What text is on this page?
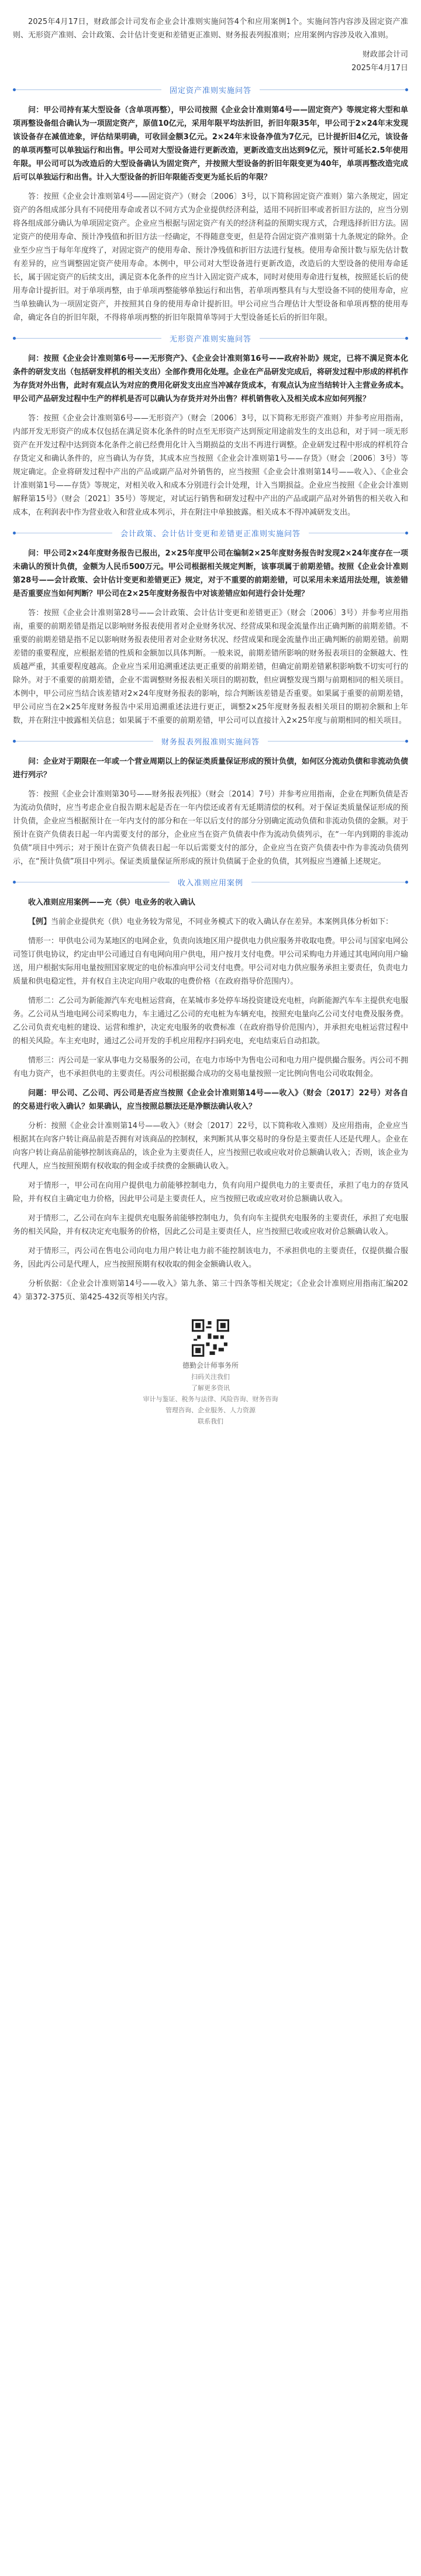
2025年4月17日，财政部会计司发布企业会计准则实施问答4个和应用案例1个。实施问答内容涉及固定资产准则、无形资产准则、会计政策、会计估计变更和差错更正准则、财务报表列报准则；应用案例内容涉及收入准则。

财政部会计司

2025年4月17日

固定资产准则实施问答

问：甲公司持有某大型设备（含单项再整），甲公司按照《企业会计准则第4号——固定资产》等规定将大型和单项再整设备组合确认为一项固定资产，原值10亿元，采用年限平均法折旧，折旧年限35年，甲公司于2×24年末发现该设备存在减值迹象，评估结果明确，可收回金额3亿元。2×24年末设备净值为7亿元，已计提折旧4亿元，该设备的单项再整可以单独运行和出售。甲公司对大型设备进行更新改造，更新改造支出达到9亿元，预计可延长2.5年使用年限。甲公司可以为改造后的大型设备确认为固定资产，并按照大型设备的折旧年限变更为40年，单项再整改造完成后可以单独运行和出售。计入大型设备的折旧年限能否变更为延长后的年限？

答：按照《企业会计准则第4号——固定资产》（财会〔2006〕3号，以下简称固定资产准则）第六条规定，固定资产的各组成部分具有不同使用寿命或者以不同方式为企业提供经济利益，适用不同折旧率或者折旧方法的，应当分别将各组成部分确认为单项固定资产。企业应当根据与固定资产有关的经济利益的预期实现方式，合理选择折旧方法。固定资产的使用寿命、预计净残值和折旧方法一经确定，不得随意变更，但是符合固定资产准则第十九条规定的除外。企业至少应当于每年年度终了，对固定资产的使用寿命、预计净残值和折旧方法进行复核。使用寿命预计数与原先估计数有差异的，应当调整固定资产使用寿命。本例中，甲公司对大型设备进行更新改造，改造后的大型设备的使用寿命延长，属于固定资产的后续支出，满足资本化条件的应当计入固定资产成本，同时对使用寿命进行复核，按照延长后的使用寿命计提折旧。对于单项再整，由于单项再整能够单独运行和出售，若单项再整具有与大型设备不同的使用寿命，应当单独确认为一项固定资产，并按照其自身的使用寿命计提折旧。甲公司应当合理估计大型设备和单项再整的使用寿命，确定各自的折旧年限，不得将单项再整的折旧年限简单等同于大型设备延长后的折旧年限。

无形资产准则实施问答

问：按照《企业会计准则第6号——无形资产》、《企业会计准则第16号——政府补助》规定，已将不满足资本化条件的研发支出（包括研发样机的相关支出）全部作费用化处理。企业在产品研发完成后，将研发过程中形成的样机作为存货对外出售，此时有观点认为对应的费用化研发支出应当冲减存货成本，有观点认为应当结转计入主营业务成本。甲公司产品研发过程中生产的样机是否可以确认为存货并对外出售？样机销售收入及相关成本应如何列报？

答：按照《企业会计准则第6号——无形资产》（财会〔2006〕3号，以下简称无形资产准则）并参考应用指南，内部开发无形资产的成本仅包括在满足资本化条件的时点至无形资产达到预定用途前发生的支出总和，对于同一项无形资产在开发过程中达到资本化条件之前已经费用化计入当期损益的支出不再进行调整。企业研发过程中形成的样机符合存货定义和确认条件的，应当确认为存货，其成本应当按照《企业会计准则第1号——存货》（财会〔2006〕3号）等规定确定。企业将研发过程中产出的产品或副产品对外销售的，应当按照《企业会计准则第14号——收入》、《企业会计准则第1号——存货》等规定，对相关收入和成本分别进行会计处理，计入当期损益。企业应当按照《企业会计准则解释第15号》（财会〔2021〕35号）等规定，对试运行销售和研发过程中产出的产品或副产品对外销售的相关收入和成本，在利润表中作为营业收入和营业成本列示，并在附注中单独披露。相关成本不得冲减研发支出。

会计政策、会计估计变更和差错更正准则实施问答

问：甲公司2×24年度财务报告已报出，2×25年度甲公司在编制2×25年度财务报告时发现2×24年度存在一项未确认的预计负债，金额为人民币500万元。甲公司根据相关规定判断，该事项属于前期差错。按照《企业会计准则第28号——会计政策、会计估计变更和差错更正》规定，对于不重要的前期差错，可以采用未来适用法处理，该差错是否重要应当如何判断？甲公司在2×25年度财务报告中对该差错应如何进行会计处理？

答：按照《企业会计准则第28号——会计政策、会计估计变更和差错更正》（财会〔2006〕3号）并参考应用指南，重要的前期差错是指足以影响财务报表使用者对企业财务状况、经营成果和现金流量作出正确判断的前期差错。不重要的前期差错是指不足以影响财务报表使用者对企业财务状况、经营成果和现金流量作出正确判断的前期差错。前期差错的重要程度，应根据差错的性质和金额加以具体判断。一般来说，前期差错所影响的财务报表项目的金额越大、性质越严重，其重要程度越高。企业应当采用追溯重述法更正重要的前期差错，但确定前期差错累积影响数不切实可行的除外。对于不重要的前期差错，企业不需调整财务报表相关项目的期初数，但应调整发现当期与前期相同的相关项目。本例中，甲公司应当结合该差错对2×24年度财务报表的影响，综合判断该差错是否重要。如果属于重要的前期差错，甲公司应当在2×25年度财务报告中采用追溯重述法进行更正，调整2×25年度财务报表相关项目的期初余额和上年数，并在附注中披露相关信息；如果属于不重要的前期差错，甲公司可以直接计入2×25年度与前期相同的相关项目。

财务报表列报准则实施问答

问：企业对于期限在一年或一个营业周期以上的保证类质量保证形成的预计负债，如何区分流动负债和非流动负债进行列示？

答：按照《企业会计准则第30号——财务报表列报》（财会〔2014〕7号）并参考应用指南，企业在判断负债是否为流动负债时，应当考虑企业自报告期末起是否在一年内偿还或者有无延期清偿的权利。对于保证类质量保证形成的预计负债，企业应当根据预计在一年内支付的部分和在一年以后支付的部分分别确定流动负债和非流动负债的金额。对于预计在资产负债表日起一年内需要支付的部分，企业应当在资产负债表中作为流动负债列示，在“一年内到期的非流动负债”项目中列示；对于预计在资产负债表日起一年以后需要支付的部分，企业应当在资产负债表中作为非流动负债列示，在“预计负债”项目中列示。保证类质量保证所形成的预计负债属于企业的负债，其列报应当遵循上述规定。

收入准则应用案例
收入准则应用案例——充（供）电业务的收入确认

【例】当前企业提供充（供）电业务较为常见，不同业务模式下的收入确认存在差异。本案例具体分析如下：

情形一：甲供电公司为某地区的电网企业，负责向该地区用户提供电力供应服务并收取电费。甲公司与国家电网公司签订供电协议，约定由甲公司通过自有电网向用户供电，用户按月支付电费。甲公司采购电力并通过其电网向用户输送，用户根据实际用电量按照国家规定的电价标准向甲公司支付电费。甲公司对电力供应服务承担主要责任，负责电力质量和供电稳定性，并有权自主决定向用户收取的电费价格（在政府指导价范围内）。

情形二：乙公司为新能源汽车充电桩运营商，在某城市多处停车场投资建设充电桩，向新能源汽车车主提供充电服务。乙公司从当地电网公司采购电力，车主通过乙公司的充电桩为车辆充电，按照充电量向乙公司支付电费及服务费。乙公司负责充电桩的建设、运营和维护，决定充电服务的收费标准（在政府指导价范围内），并承担充电桩运营过程中的相关风险。车主充电时，通过乙公司开发的手机应用程序扫码充电，充电结束后自动扣款。

情形三：丙公司是一家从事电力交易服务的公司，在电力市场中为售电公司和电力用户提供撮合服务。丙公司不拥有电力资产，也不承担供电的主要责任。丙公司根据撮合成功的交易电量按照一定比例向售电公司收取佣金。

问题：甲公司、乙公司、丙公司是否应当按照《企业会计准则第14号——收入》（财会〔2017〕22号）对各自的交易进行收入确认？如果确认，应当按照总额法还是净额法确认收入？

分析：按照《企业会计准则第14号——收入》（财会〔2017〕22号，以下简称收入准则）及应用指南，企业应当根据其在向客户转让商品前是否拥有对该商品的控制权，来判断其从事交易时的身份是主要责任人还是代理人。企业在向客户转让商品前能够控制该商品的，该企业为主要责任人，应当按照已收或应收对价总额确认收入；否则，该企业为代理人，应当按照预期有权收取的佣金或手续费的金额确认收入。

对于情形一，甲公司在向用户提供电力前能够控制电力，负有向用户提供电力的主要责任，承担了电力的存货风险，并有权自主确定电力价格，因此甲公司是主要责任人，应当按照已收或应收对价总额确认收入。

对于情形二，乙公司在向车主提供充电服务前能够控制电力，负有向车主提供充电服务的主要责任，承担了充电服务的相关风险，并有权决定充电服务的价格，因此乙公司是主要责任人，应当按照已收或应收对价总额确认收入。

对于情形三，丙公司在售电公司向电力用户转让电力前不能控制该电力，不承担供电的主要责任，仅提供撮合服务，因此丙公司是代理人，应当按照预期有权收取的佣金金额确认收入。

分析依据：《企业会计准则第14号——收入》第九条、第三十四条等相关规定；《企业会计准则应用指南汇编2024》第372-375页、第425-432页等相关内容。

德勤会计师事务所
扫码关注我们
了解更多资讯
审计与鉴证、税务与法律、风险咨询、财务咨询
管理咨询、企业服务、人力资源
联系我们
